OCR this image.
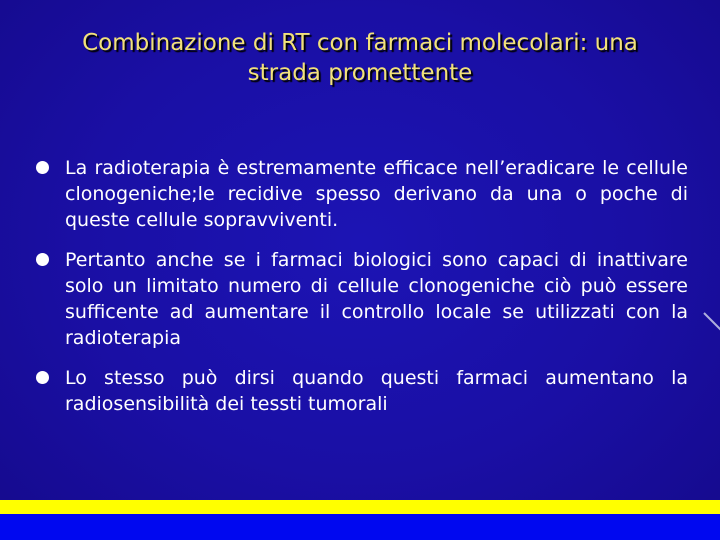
Combinazione di RT con farmaci molecolari: una
strada promettente
La radioterapia è estremamente efficace nell’eradicare le cellule clonogeniche;le recidive spesso derivano da una o poche di queste cellule sopravviventi.
Pertanto anche se i farmaci biologici sono capaci di inattivare solo un limitato numero di cellule clonogeniche ciò può essere sufficente ad aumentare il controllo locale se utilizzati con la radioterapia
Lo stesso può dirsi quando questi farmaci aumentano la radiosensibilità dei tessti tumorali
